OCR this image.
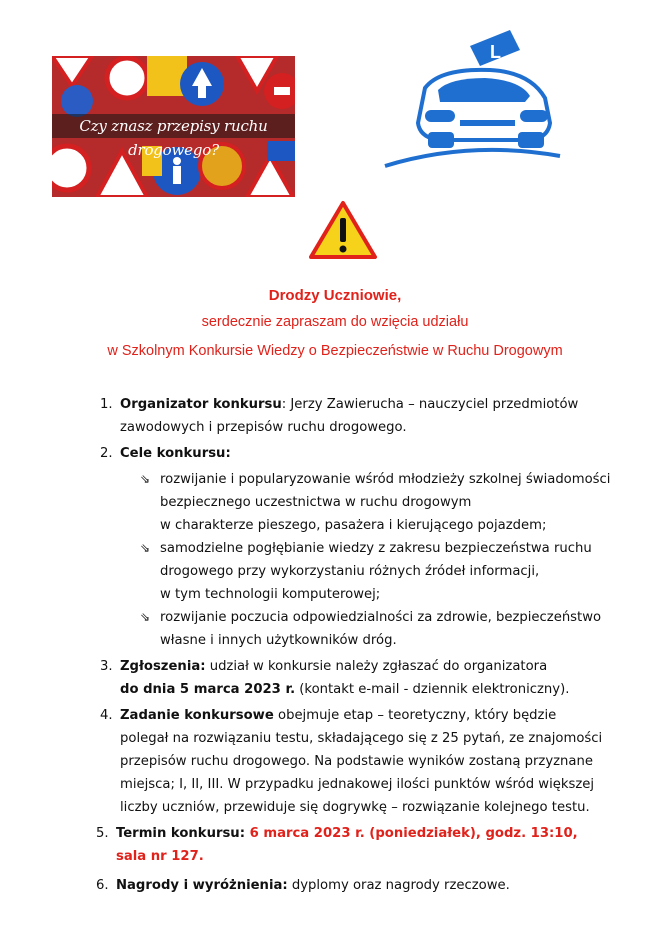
Czy znasz przepisy ruchu drogowego?
L
Drodzy Uczniowie,
serdecznie zapraszam do wzięcia udziału
w Szkolnym Konkursie Wiedzy o Bezpieczeństwie w Ruchu Drogowym
1. Organizator konkursu: Jerzy Zawierucha – nauczyciel przedmiotów
zawodowych i przepisów ruchu drogowego.
2. Cele konkursu:
⇘ rozwijanie i popularyzowanie wśród młodzieży szkolnej świadomości
bezpiecznego uczestnictwa w ruchu drogowym
w charakterze pieszego, pasażera i kierującego pojazdem;
⇘ samodzielne pogłębianie wiedzy z zakresu bezpieczeństwa ruchu
drogowego przy wykorzystaniu różnych źródeł informacji,
w tym technologii komputerowej;
⇘ rozwijanie poczucia odpowiedzialności za zdrowie, bezpieczeństwo
własne i innych użytkowników dróg.
3. Zgłoszenia: udział w konkursie należy zgłaszać do organizatora
do dnia 5 marca 2023 r. (kontakt e-mail - dziennik elektroniczny).
4. Zadanie konkursowe obejmuje etap – teoretyczny, który będzie
polegał na rozwiązaniu testu, składającego się z 25 pytań, ze znajomości
przepisów ruchu drogowego. Na podstawie wyników zostaną przyznane
miejsca; I, II, III. W przypadku jednakowej ilości punktów wśród większej
liczby uczniów, przewiduje się dogrywkę – rozwiązanie kolejnego testu.
5. Termin konkursu: 6 marca 2023 r. (poniedziałek), godz. 13:10, sala nr 127.
6. Nagrody i wyróżnienia: dyplomy oraz nagrody rzeczowe.
